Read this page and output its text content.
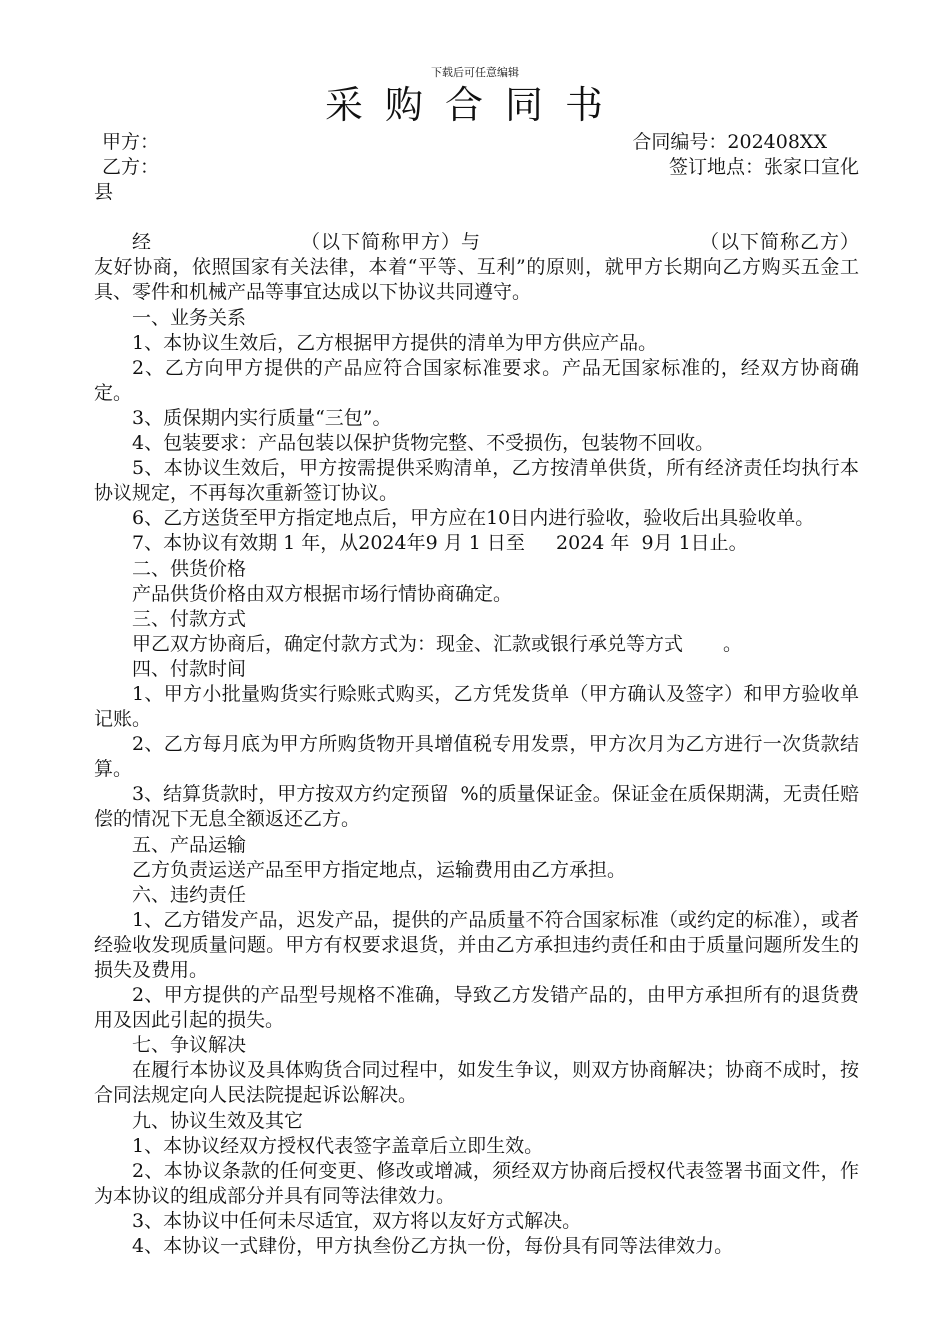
下载后可任意编辑
采购合同书
甲方：	合同编号：202408XX
乙方：	签订地点：张家口宣化
县

经	（以下简称甲方）与	（以下简称乙方）友好协商，依照国家有关法律，本着“平等、互利”的原则，就甲方长期向乙方购买五金工具、零件和机械产品等事宜达成以下协议共同遵守。

一、业务关系

1、本协议生效后，乙方根据甲方提供的清单为甲方供应产品。

2、乙方向甲方提供的产品应符合国家标准要求。产品无国家标准的，经双方协商确定。

3、质保期内实行质量“三包”。

4、包装要求：产品包装以保护货物完整、不受损伤，包装物不回收。

5、本协议生效后，甲方按需提供采购清单，乙方按清单供货，所有经济责任均执行本协议规定，不再每次重新签订协议。

6、乙方送货至甲方指定地点后，甲方应在10日内进行验收，验收后出具验收单。

7、本协议有效期 1 年，从2024年9 月 1 日至　  2024 年  9月 1日止。

二、供货价格

产品供货价格由双方根据市场行情协商确定。

三、付款方式

甲乙双方协商后，确定付款方式为：现金、汇款或银行承兑等方式 。

四、付款时间

1、甲方小批量购货实行赊账式购买，乙方凭发货单（甲方确认及签字）和甲方验收单记账。

2、乙方每月底为甲方所购货物开具增值税专用发票，甲方次月为乙方进行一次货款结算。

3、结算货款时，甲方按双方约定预留 %的质量保证金。保证金在质保期满，无责任赔偿的情况下无息全额返还乙方。

五、产品运输

乙方负责运送产品至甲方指定地点，运输费用由乙方承担。

六、违约责任

1、乙方错发产品，迟发产品，提供的产品质量不符合国家标准（或约定的标准），或者经验收发现质量问题。甲方有权要求退货，并由乙方承担违约责任和由于质量问题所发生的损失及费用。

2、甲方提供的产品型号规格不准确，导致乙方发错产品的，由甲方承担所有的退货费用及因此引起的损失。

七、争议解决

在履行本协议及具体购货合同过程中，如发生争议，则双方协商解决；协商不成时，按合同法规定向人民法院提起诉讼解决。

九、协议生效及其它

1、本协议经双方授权代表签字盖章后立即生效。

2、本协议条款的任何变更、修改或增减，须经双方协商后授权代表签署书面文件，作为本协议的组成部分并具有同等法律效力。

3、本协议中任何未尽适宜，双方将以友好方式解决。

4、本协议一式肆份，甲方执叁份乙方执一份，每份具有同等法律效力。
